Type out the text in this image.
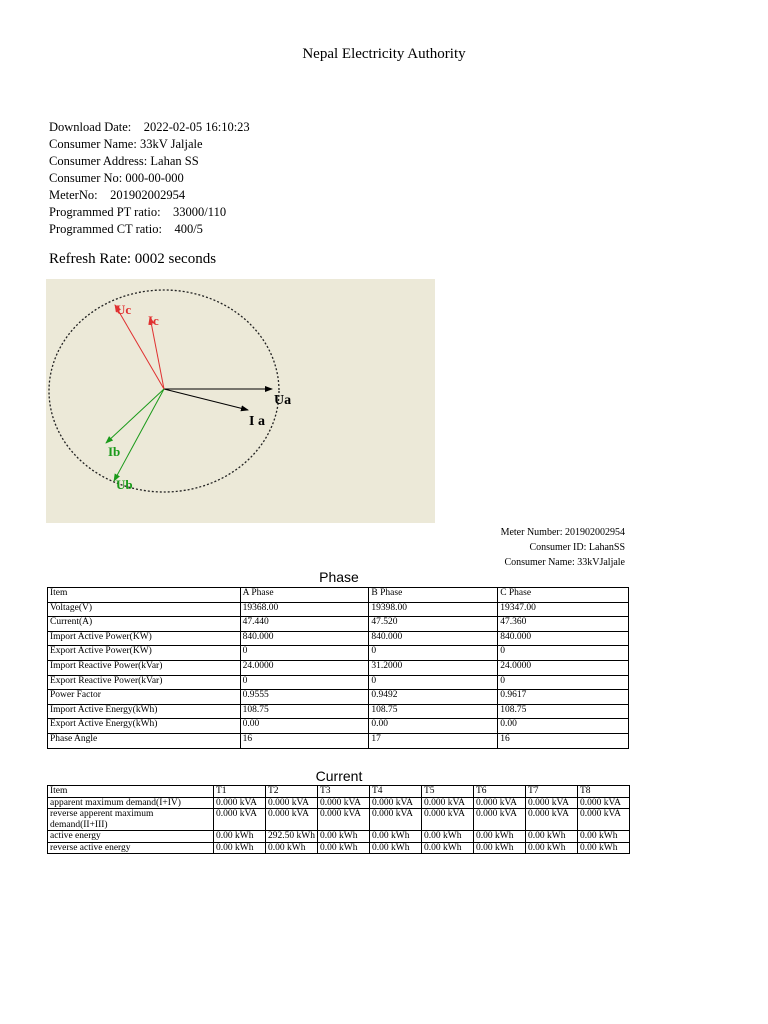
Nepal Electricity Authority
Download Date:    2022-02-05 16:10:23
Consumer Name: 33kV Jaljale
Consumer Address: Lahan SS
Consumer No: 000-00-000
MeterNo:    201902002954
Programmed PT ratio:    33000/110
Programmed CT ratio:    400/5
Refresh Rate: 0002 seconds
Ua
I a
Uc
Ic
Ib
Ub
Meter Number: 201902002954
Consumer ID: LahanSS
Consumer Name: 33kVJaljale
Phase
Item	A Phase	B Phase	C Phase
Voltage(V)	19368.00	19398.00	19347.00
Current(A)	47.440	47.520	47.360
Import Active Power(KW)	840.000	840.000	840.000
Export Active Power(KW)	0	0	0
Import Reactive Power(kVar)	24.0000	31.2000	24.0000
Export Reactive Power(kVar)	0	0	0
Power Factor	0.9555	0.9492	0.9617
Import Active Energy(kWh)	108.75	108.75	108.75
Export Active Energy(kWh)	0.00	0.00	0.00
Phase Angle	16	17	16
Current
Item	T1	T2	T3	T4	T5	T6	T7	T8
apparent maximum demand(I+IV)	0.000 kVA	0.000 kVA	0.000 kVA	0.000 kVA	0.000 kVA	0.000 kVA	0.000 kVA	0.000 kVA
reverse apperent maximum demand(II+III)	0.000 kVA	0.000 kVA	0.000 kVA	0.000 kVA	0.000 kVA	0.000 kVA	0.000 kVA	0.000 kVA
active energy	0.00 kWh	292.50 kWh	0.00 kWh	0.00 kWh	0.00 kWh	0.00 kWh	0.00 kWh	0.00 kWh
reverse active energy	0.00 kWh	0.00 kWh	0.00 kWh	0.00 kWh	0.00 kWh	0.00 kWh	0.00 kWh	0.00 kWh
